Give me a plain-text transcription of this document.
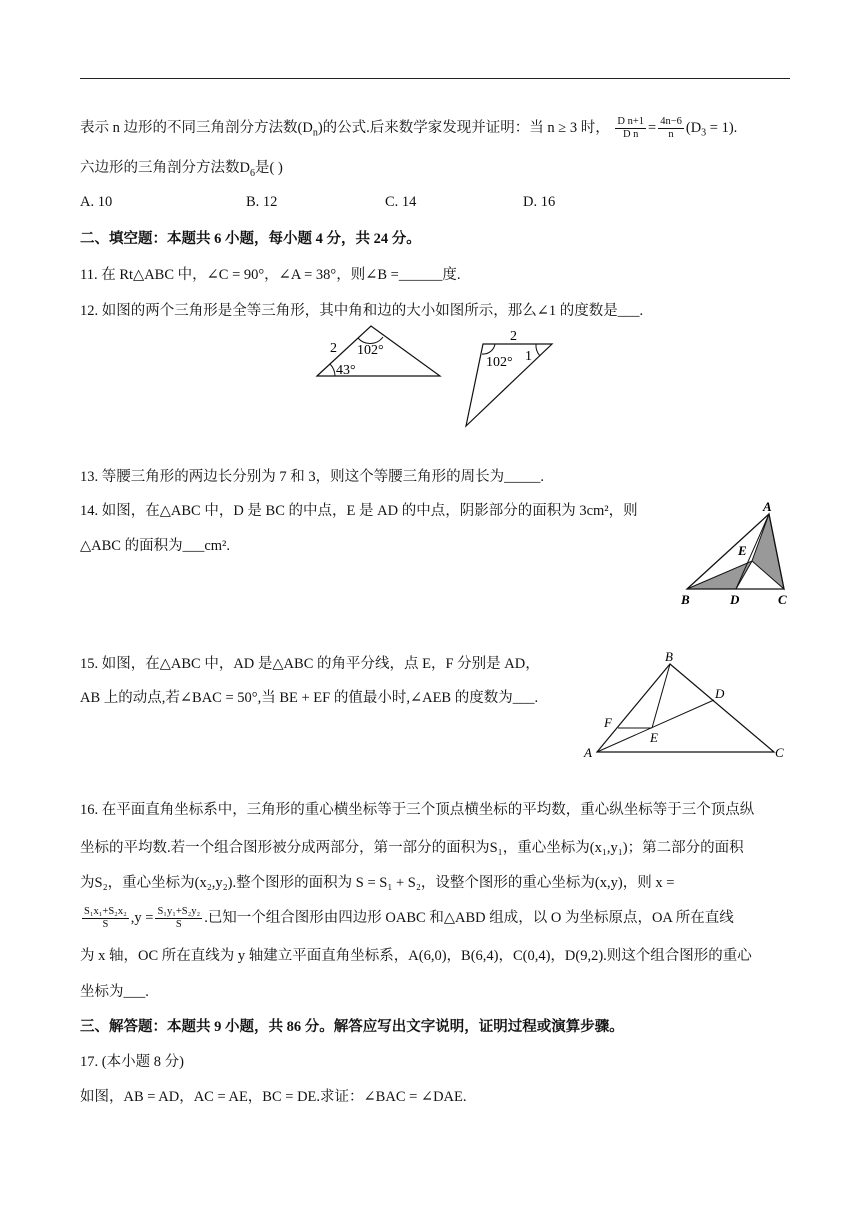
表示 n 边形的不同三角剖分方法数$(D_n)$的公式.后来数学家发现并证明：当 n ≥ 3 时， $\frac{\text{D n+1}}{\text{D n}} = \frac{4n-6}{n} (D_3 = 1)$.
六边形的三角剖分方法数$D_6$是( )
A. 10	B. 12	C. 14	D. 16
二、填空题：本题共 6 小题，每小题 4 分，共 24 分。
11. 在 Rt△ABC 中，∠C = 90°，∠A = 38°，则∠B =______度.
12. 如图的两个三角形是全等三角形，其中角和边的大小如图所示，那么∠1 的度数是___.
2 102°
43°
2
102° 1
13. 等腰三角形的两边长分别为 7 和 3，则这个等腰三角形的周长为_____.
14. 如图，在△ABC 中，D 是 BC 的中点，E 是 AD 的中点，阴影部分的面积为 3cm²，则
△ABC 的面积为___cm².
A
B	C
D
E
15. 如图，在△ABC 中，AD 是△ABC 的角平分线，点 E，F 分别是 AD，
AB 上的动点,若∠BAC = 50°,当 BE + EF 的值最小时,∠AEB 的度数为___.
B
D
F
E
A	C
16. 在平面直角坐标系中，三角形的重心横坐标等于三个顶点横坐标的平均数，重心纵坐标等于三个顶点纵
坐标的平均数.若一个组合图形被分成两部分，第一部分的面积为S₁，重心坐标为(x₁,y₁)；第二部分的面积
为S₂，重心坐标为(x₂,y₂).整个图形的面积为 S = S₁ + S₂，设整个图形的重心坐标为(x,y)，则 x =
$\frac{\text{S₁x₁+S₂x₂}}{S} ,y = \frac{\text{S₁y₁+S₂y₂}}{S}$ .已知一个组合图形由四边形 OABC 和△ABD 组成，以 O 为坐标原点，OA 所在直线
为 x 轴，OC 所在直线为 y 轴建立平面直角坐标系，A(6,0)，B(6,4)，C(0,4)，D(9,2).则这个组合图形的重心
坐标为___.
三、解答题：本题共 9 小题，共 86 分。解答应写出文字说明，证明过程或演算步骤。
17. (本小题 8 分)
如图，AB = AD，AC = AE，BC = DE.求证：∠BAC = ∠DAE.
